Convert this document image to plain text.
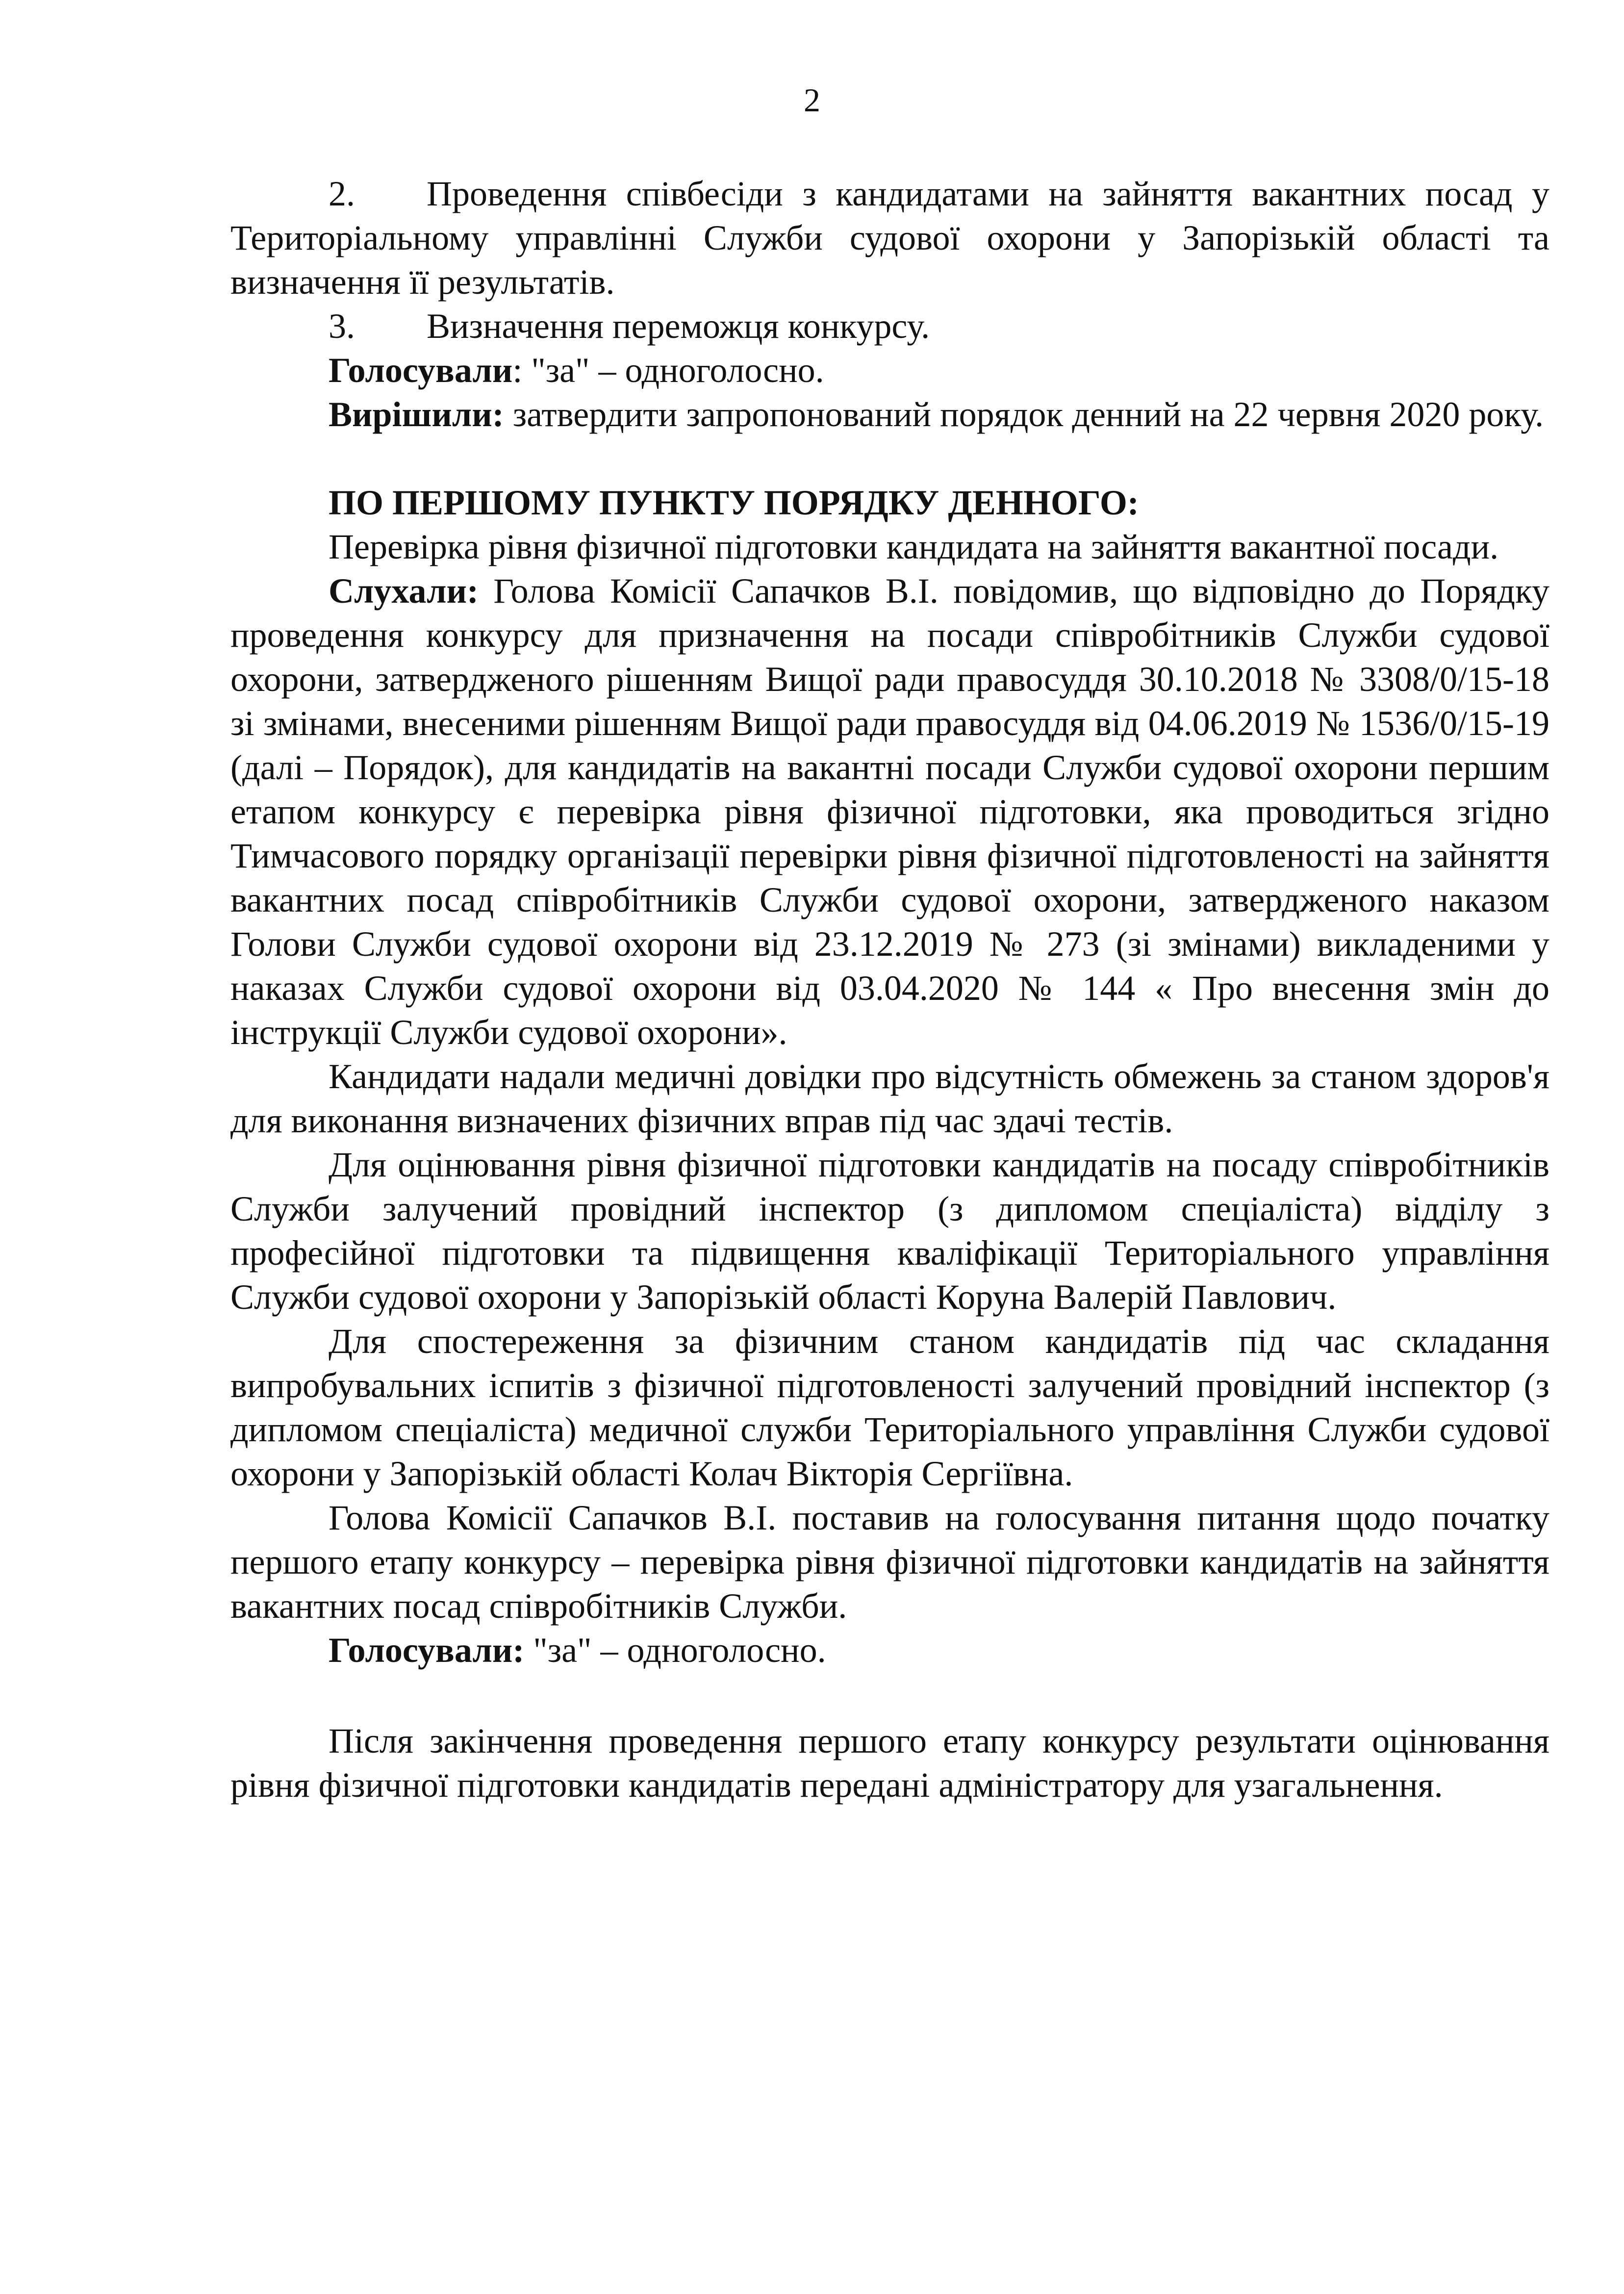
2

2. Проведення співбесіди з кандидатами на зайняття вакантних посад у Територіальному управлінні Служби судової охорони у Запорізькій області та визначення її результатів.

3. Визначення переможця конкурсу.

Голосували: "за" – одноголосно.

Вирішили: затвердити запропонований порядок денний на 22 червня 2020 року.

ПО ПЕРШОМУ ПУНКТУ ПОРЯДКУ ДЕННОГО:

Перевірка рівня фізичної підготовки кандидата на зайняття вакантної посади.

Слухали: Голова Комісії Сапачков В.І. повідомив, що відповідно до Порядку проведення конкурсу для призначення на посади співробітників Служби судової охорони, затвердженого рішенням Вищої ради правосуддя 30.10.2018 № 3308/0/15-18 зі змінами, внесеними рішенням Вищої ради правосуддя від 04.06.2019 № 1536/0/15-19 (далі – Порядок), для кандидатів на вакантні посади Служби судової охорони першим етапом конкурсу є перевірка рівня фізичної підготовки, яка проводиться згідно Тимчасового порядку організації перевірки рівня фізичної підготовленості на зайняття вакантних посад співробітників Служби судової охорони, затвердженого наказом Голови Служби судової охорони від 23.12.2019 № 273 (зі змінами) викладеними у наказах Служби судової охорони від 03.04.2020 № 144 « Про внесення змін до інструкції Служби судової охорони».

Кандидати надали медичні довідки про відсутність обмежень за станом здоров'я для виконання визначених фізичних вправ під час здачі тестів.

Для оцінювання рівня фізичної підготовки кандидатів на посаду співробітників Служби залучений провідний інспектор (з дипломом спеціаліста) відділу з професійної підготовки та підвищення кваліфікації Територіального управління Служби судової охорони у Запорізькій області Коруна Валерій Павлович.

Для спостереження за фізичним станом кандидатів під час складання випробувальних іспитів з фізичної підготовленості залучений провідний інспектор (з дипломом спеціаліста) медичної служби Територіального управління Служби судової охорони у Запорізькій області Колач Вікторія Сергіївна.

Голова Комісії Сапачков В.І. поставив на голосування питання щодо початку першого етапу конкурсу – перевірка рівня фізичної підготовки кандидатів на зайняття вакантних посад співробітників Служби.

Голосували: "за" – одноголосно.

Після закінчення проведення першого етапу конкурсу результати оцінювання рівня фізичної підготовки кандидатів передані адміністратору для узагальнення.
